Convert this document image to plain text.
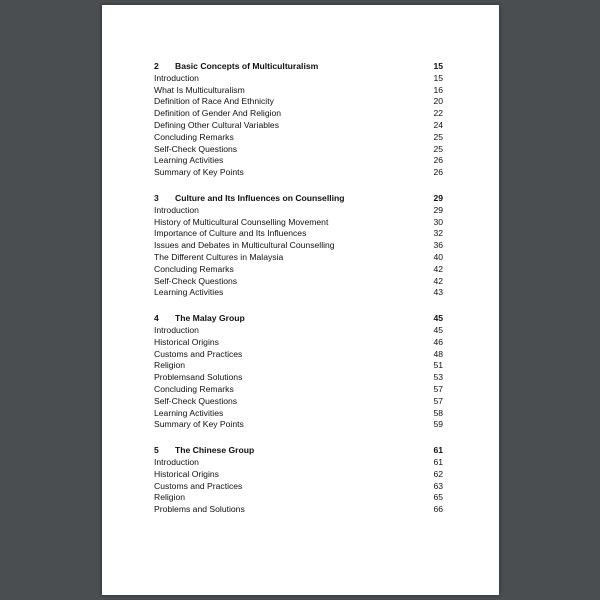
2	Basic Concepts of Multiculturalism	15
Introduction	15
What Is Multiculturalism	16
Definition of Race And Ethnicity	20
Definition of Gender And Religion	22
Defining Other Cultural Variables	24
Concluding Remarks	25
Self-Check Questions	25
Learning Activities	26
Summary of Key Points	26
3	Culture and Its Influences on Counselling	29
Introduction	29
History of Multicultural Counselling Movement	30
Importance of Culture and Its Influences	32
Issues and Debates in Multicultural Counselling	36
The Different Cultures in Malaysia	40
Concluding Remarks	42
Self-Check Questions	42
Learning Activities	43
4	The Malay Group	45
Introduction	45
Historical Origins	46
Customs and Practices	48
Religion	51
Problemsand Solutions	53
Concluding Remarks	57
Self-Check Questions	57
Learning Activities	58
Summary of Key Points	59
5	The Chinese Group	61
Introduction	61
Historical Origins	62
Customs and Practices	63
Religion	65
Problems and Solutions	66
